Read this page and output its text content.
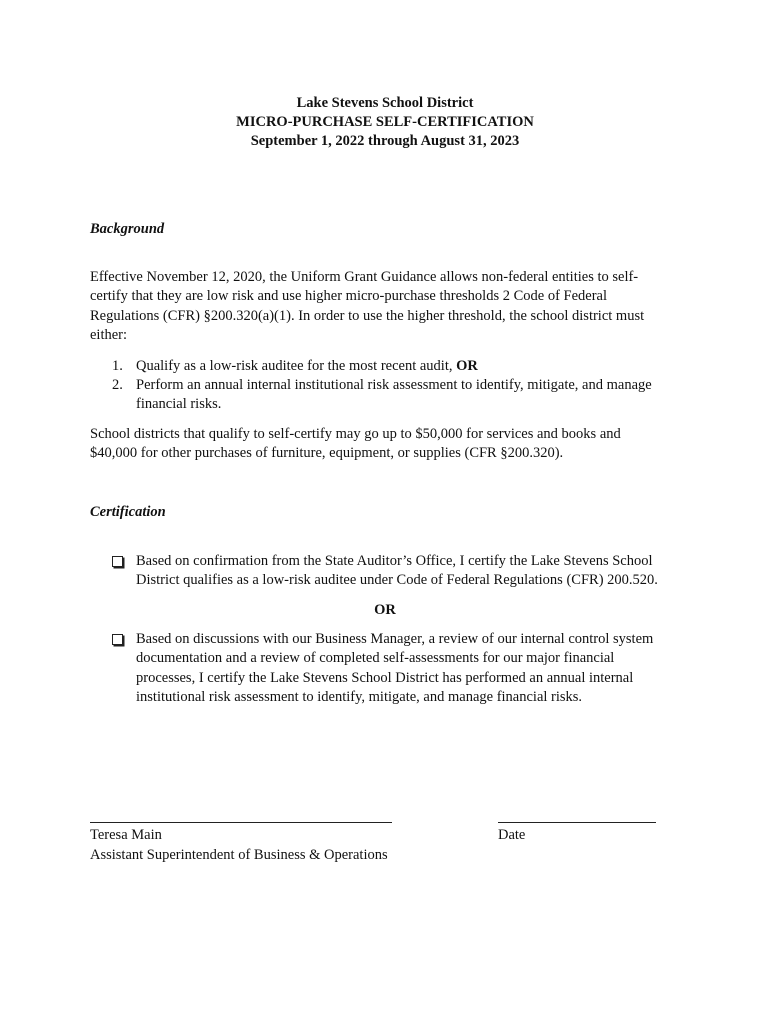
Lake Stevens School District
MICRO-PURCHASE SELF-CERTIFICATION
September 1, 2022 through August 31, 2023
Background
Effective November 12, 2020, the Uniform Grant Guidance allows non-federal entities to self-
certify that they are low risk and use higher micro-purchase thresholds 2 Code of Federal
Regulations (CFR) §200.320(a)(1). In order to use the higher threshold, the school district must
either:
1. Qualify as a low-risk auditee for the most recent audit, OR
2. Perform an annual internal institutional risk assessment to identify, mitigate, and manage
financial risks.
School districts that qualify to self-certify may go up to $50,000 for services and books and
$40,000 for other purchases of furniture, equipment, or supplies (CFR §200.320).
Certification
Based on confirmation from the State Auditor’s Office, I certify the Lake Stevens School
District qualifies as a low-risk auditee under Code of Federal Regulations (CFR) 200.520.
OR
Based on discussions with our Business Manager, a review of our internal control system
documentation and a review of completed self-assessments for our major financial
processes, I certify the Lake Stevens School District has performed an annual internal
institutional risk assessment to identify, mitigate, and manage financial risks.
Teresa Main
Assistant Superintendent of Business & Operations
Date
